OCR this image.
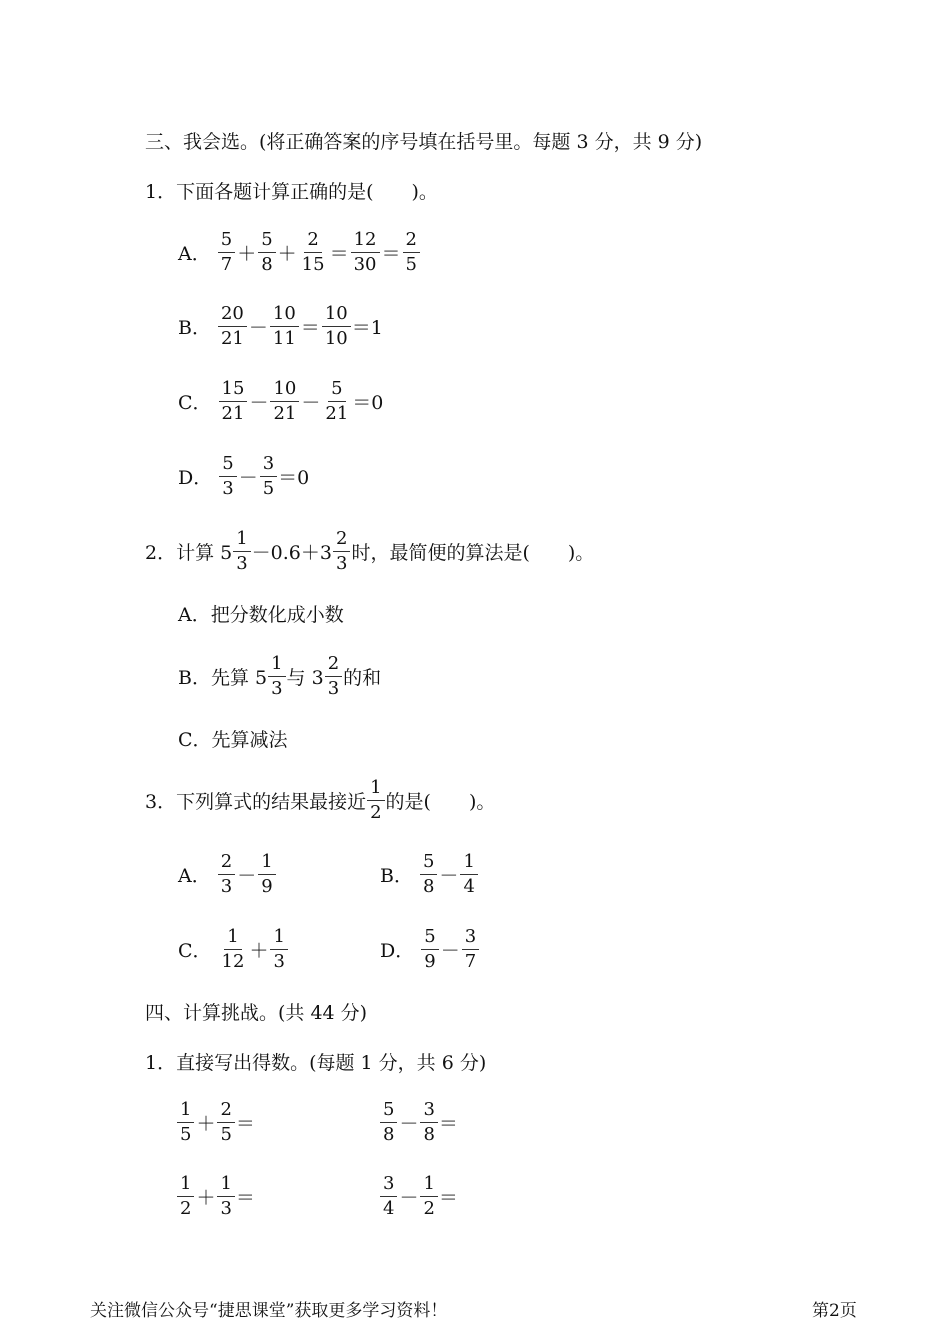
三、我会选。(将正确答案的序号填在括号里。每题 3 分，共 9 分)
1．下面各题计算正确的是(　　)。
A． $\frac{5}{7} + \frac{5}{8} + \frac{2}{15} = \frac{12}{30} = \frac{2}{5}$
B． $\frac{20}{21} - \frac{10}{11} = \frac{10}{10} =1$
C． $\frac{15}{21} - \frac{10}{21} - \frac{5}{21} =0$
D． $\frac{5}{3} - \frac{3}{5} =0$
2．计算 $5 \frac{1}{3} -0.6+3 \frac{2}{3}$ 时，最简便的算法是(　　)。
A．把分数化成小数
B．先算 $5 \frac{1}{3}$ 与 $3 \frac{2}{3}$ 的和
C．先算减法
3．下列算式的结果最接近 $\frac{1}{2}$ 的是(　　)。
A． $\frac{2}{3} - \frac{1}{9}$	B． $\frac{5}{8} - \frac{1}{4}$
C． $\frac{1}{12} + \frac{1}{3}$	D． $\frac{5}{9} - \frac{3}{7}$
四、计算挑战。(共 44 分)
1．直接写出得数。(每题 1 分，共 6 分)
$\frac{1}{5} + \frac{2}{5}$ ＝	$\frac{5}{8} - \frac{3}{8}$ ＝
$\frac{1}{2} + \frac{1}{3}$ ＝	$\frac{3}{4} - \frac{1}{2}$ ＝
关注微信公众号“捷思课堂”获取更多学习资料！	第2页
